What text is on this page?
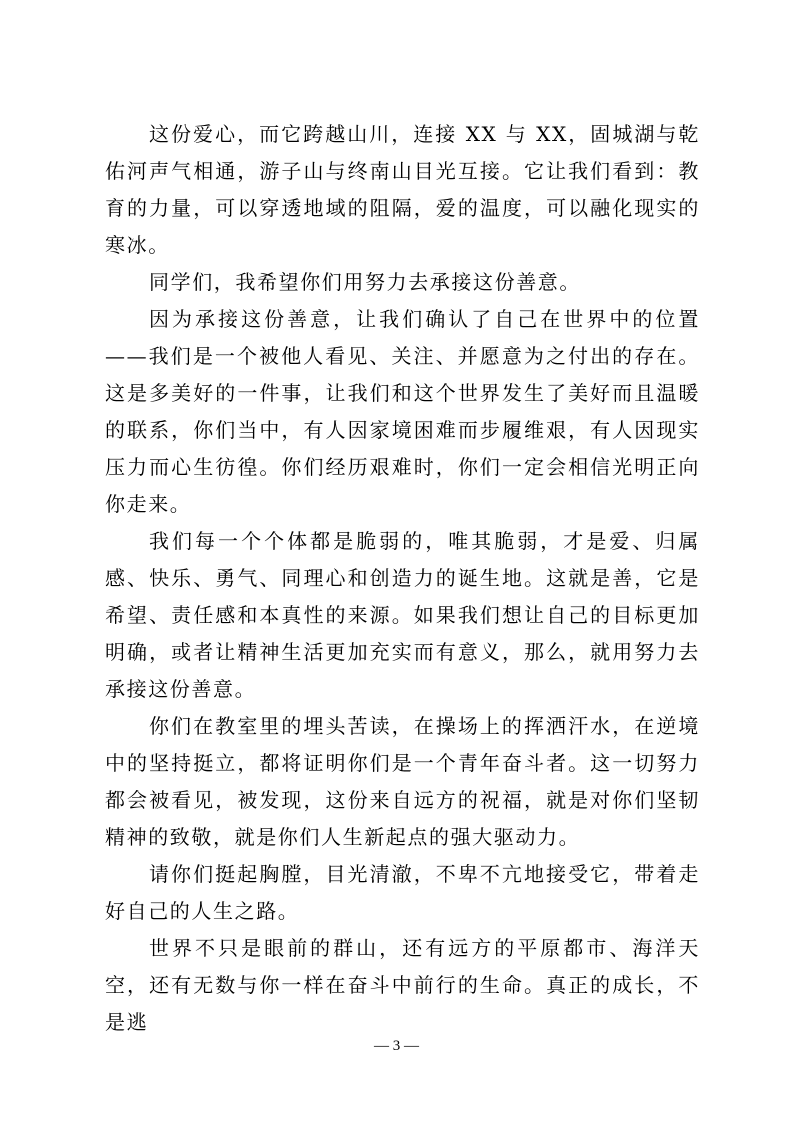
这份爱心，而它跨越山川，连接 XX 与 XX，固城湖与乾佑河声气相通，游子山与终南山目光互接。它让我们看到：教育的力量，可以穿透地域的阻隔，爱的温度，可以融化现实的寒冰。

同学们，我希望你们用努力去承接这份善意。

因为承接这份善意，让我们确认了自己在世界中的位置——我们是一个被他人看见、关注、并愿意为之付出的存在。这是多美好的一件事，让我们和这个世界发生了美好而且温暖的联系，你们当中，有人因家境困难而步履维艰，有人因现实压力而心生彷徨。你们经历艰难时，你们一定会相信光明正向你走来。

我们每一个个体都是脆弱的，唯其脆弱，才是爱、归属感、快乐、勇气、同理心和创造力的诞生地。这就是善，它是希望、责任感和本真性的来源。如果我们想让自己的目标更加明确，或者让精神生活更加充实而有意义，那么，就用努力去承接这份善意。

你们在教室里的埋头苦读，在操场上的挥洒汗水，在逆境中的坚持挺立，都将证明你们是一个青年奋斗者。这一切努力都会被看见，被发现，这份来自远方的祝福，就是对你们坚韧精神的致敬，就是你们人生新起点的强大驱动力。

请你们挺起胸膛，目光清澈，不卑不亢地接受它，带着走好自己的人生之路。

世界不只是眼前的群山，还有远方的平原都市、海洋天空，还有无数与你一样在奋斗中前行的生命。真正的成长，不是逃

— 3 —
